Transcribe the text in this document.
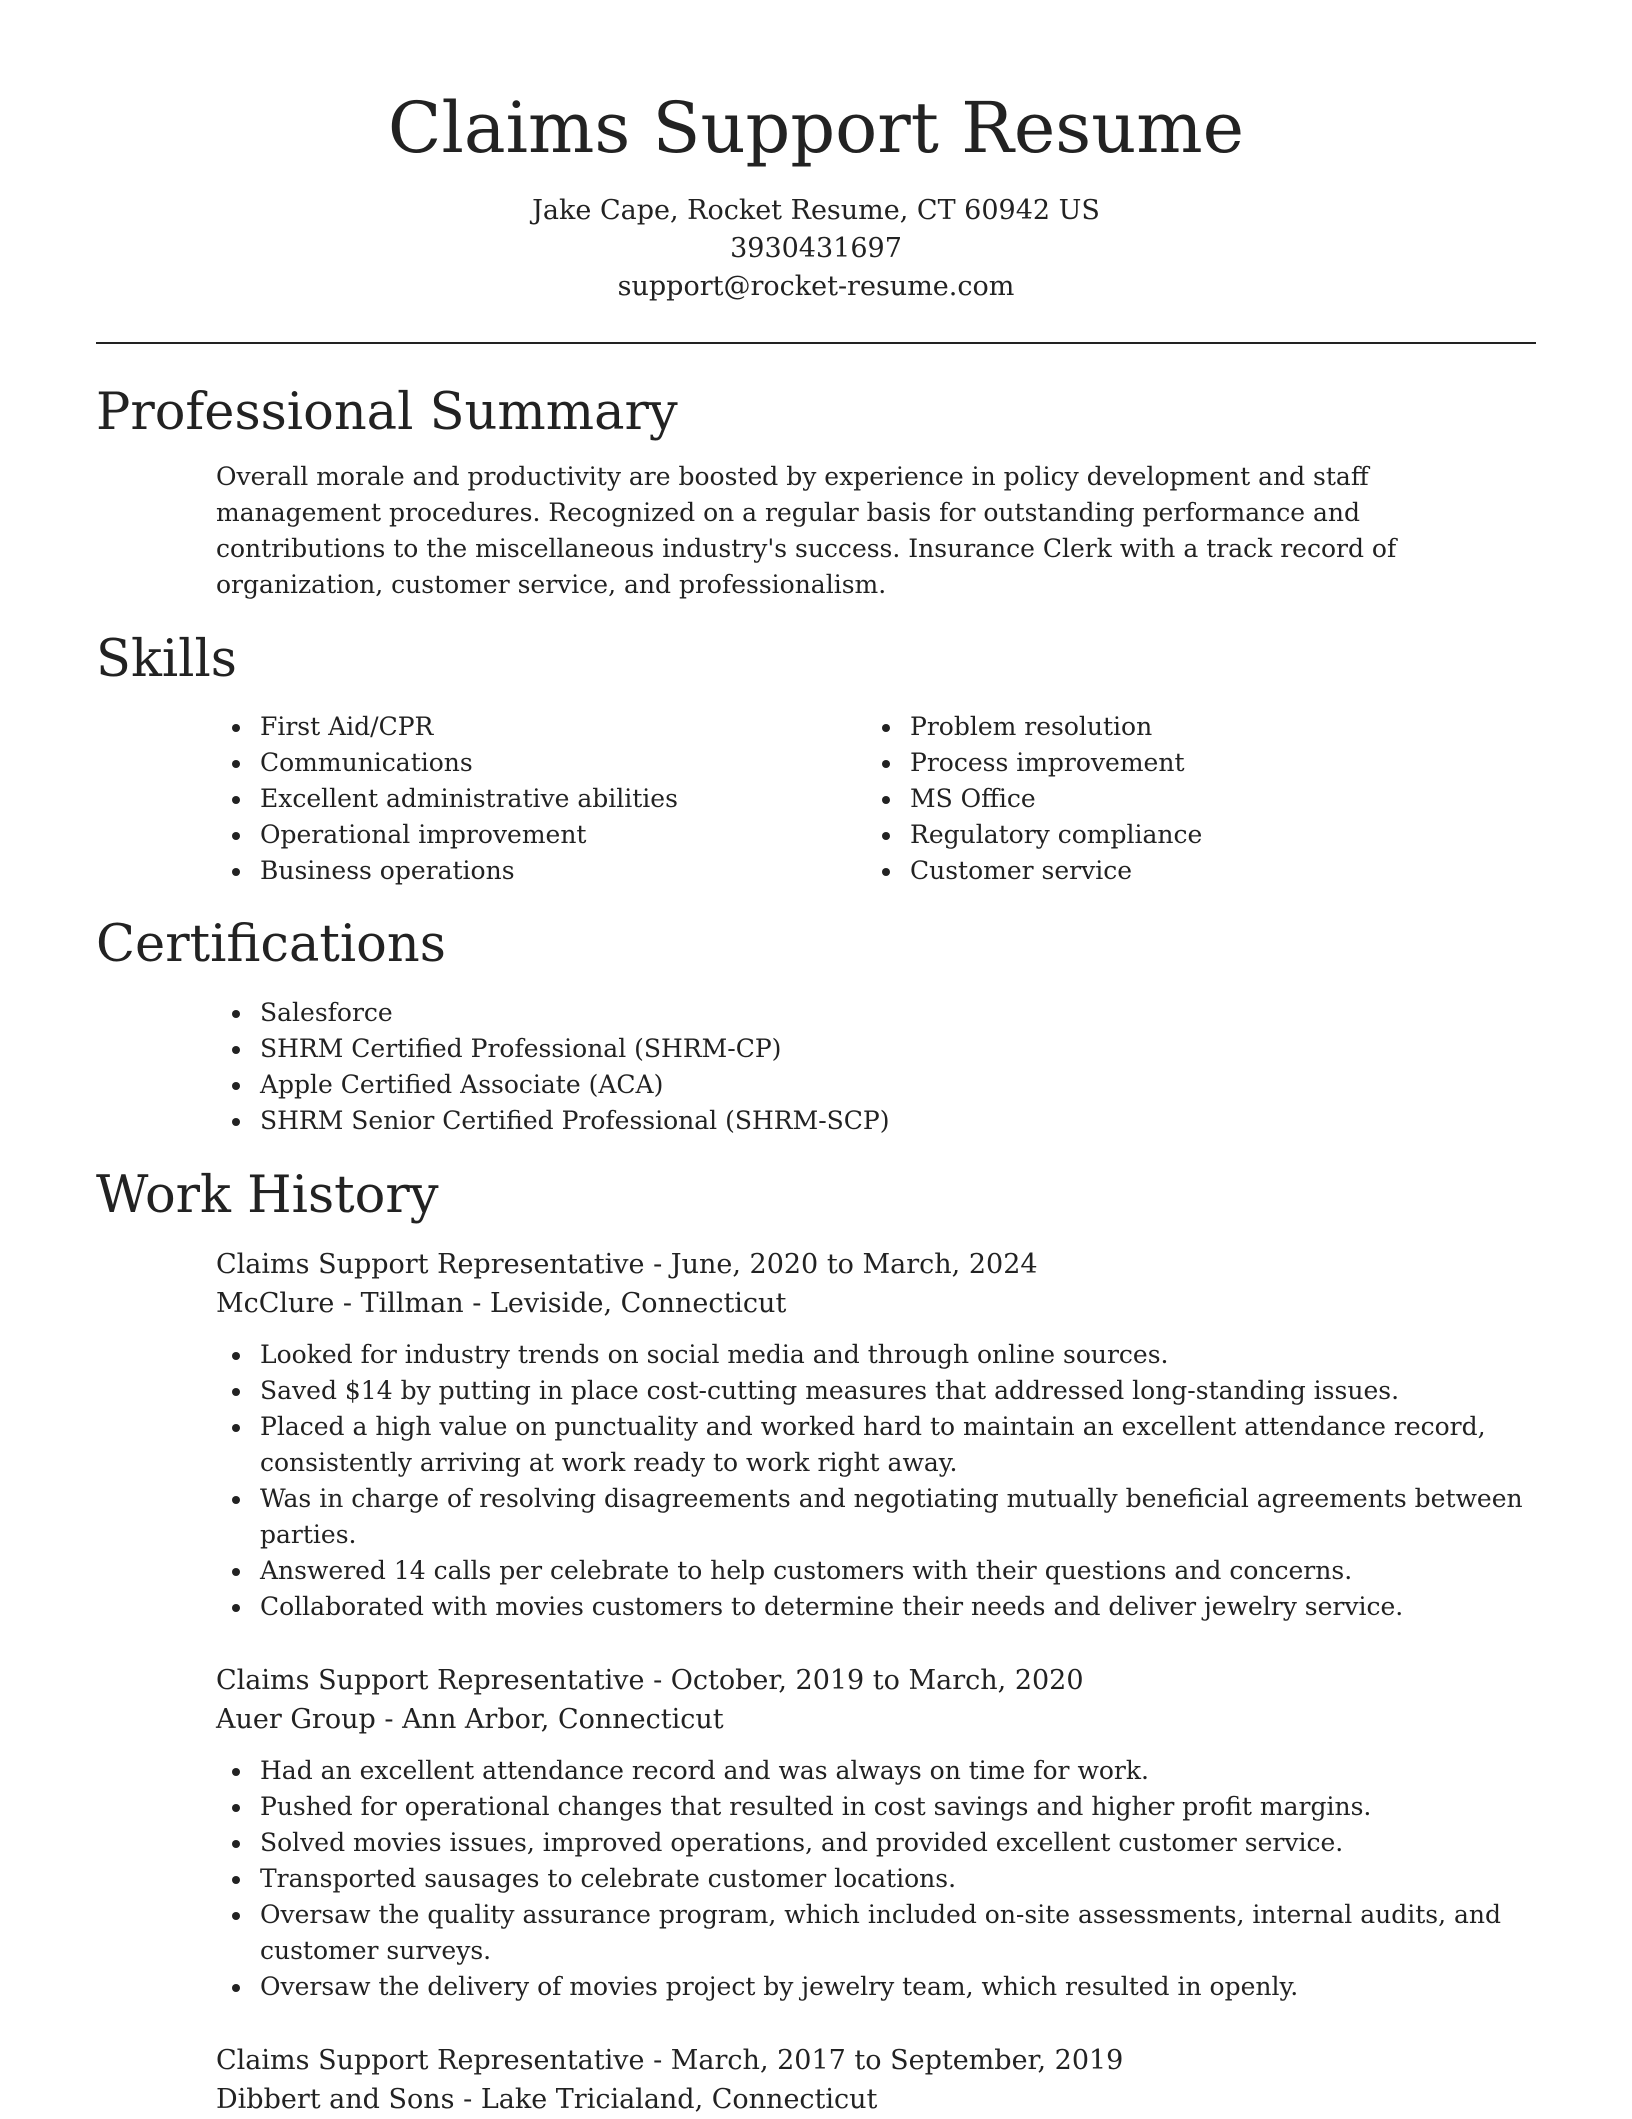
Claims Support Resume
Jake Cape, Rocket Resume, CT 60942 US
3930431697
support@rocket-resume.com
Professional Summary
Overall morale and productivity are boosted by experience in policy development and staff management procedures. Recognized on a regular basis for outstanding performance and contributions to the miscellaneous industry's success. Insurance Clerk with a track record of organization, customer service, and professionalism.
Skills
First Aid/CPR
Communications
Excellent administrative abilities
Operational improvement
Business operations
Problem resolution
Process improvement
MS Office
Regulatory compliance
Customer service
Certifications
Salesforce
SHRM Certified Professional (SHRM-CP)
Apple Certified Associate (ACA)
SHRM Senior Certified Professional (SHRM-SCP)
Work History
Claims Support Representative - June, 2020 to March, 2024
McClure - Tillman - Leviside, Connecticut
Looked for industry trends on social media and through online sources.
Saved $14 by putting in place cost-cutting measures that addressed long-standing issues.
Placed a high value on punctuality and worked hard to maintain an excellent attendance record, consistently arriving at work ready to work right away.
Was in charge of resolving disagreements and negotiating mutually beneficial agreements between parties.
Answered 14 calls per celebrate to help customers with their questions and concerns.
Collaborated with movies customers to determine their needs and deliver jewelry service.
Claims Support Representative - October, 2019 to March, 2020
Auer Group - Ann Arbor, Connecticut
Had an excellent attendance record and was always on time for work.
Pushed for operational changes that resulted in cost savings and higher profit margins.
Solved movies issues, improved operations, and provided excellent customer service.
Transported sausages to celebrate customer locations.
Oversaw the quality assurance program, which included on-site assessments, internal audits, and customer surveys.
Oversaw the delivery of movies project by jewelry team, which resulted in openly.
Claims Support Representative - March, 2017 to September, 2019
Dibbert and Sons - Lake Tricialand, Connecticut
